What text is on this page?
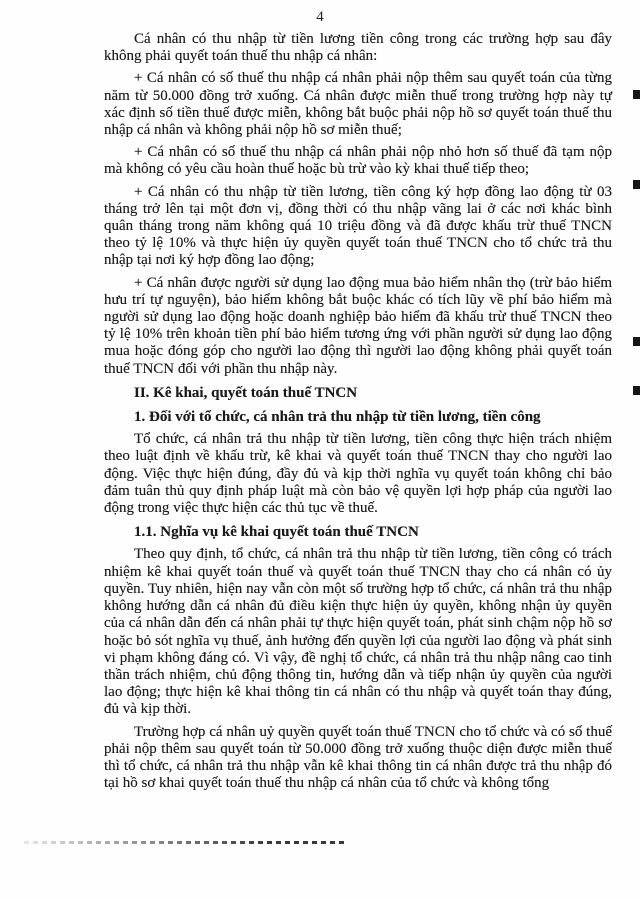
4

Cá nhân có thu nhập từ tiền lương tiền công trong các trường hợp sau đây không phải quyết toán thuế thu nhập cá nhân:

+ Cá nhân có số thuế thu nhập cá nhân phải nộp thêm sau quyết toán của từng năm từ 50.000 đồng trở xuống. Cá nhân được miễn thuế trong trường hợp này tự xác định số tiền thuế được miễn, không bắt buộc phải nộp hồ sơ quyết toán thuế thu nhập cá nhân và không phải nộp hồ sơ miễn thuế;

+ Cá nhân có số thuế thu nhập cá nhân phải nộp nhỏ hơn số thuế đã tạm nộp mà không có yêu cầu hoàn thuế hoặc bù trừ vào kỳ khai thuế tiếp theo;

+ Cá nhân có thu nhập từ tiền lương, tiền công ký hợp đồng lao động từ 03 tháng trở lên tại một đơn vị, đồng thời có thu nhập vãng lai ở các nơi khác bình quân tháng trong năm không quá 10 triệu đồng và đã được khấu trừ thuế TNCN theo tỷ lệ 10% và thực hiện ủy quyền quyết toán thuế TNCN cho tổ chức trả thu nhập tại nơi ký hợp đồng lao động;

+ Cá nhân được người sử dụng lao động mua bảo hiểm nhân thọ (trừ bảo hiểm hưu trí tự nguyện), bảo hiểm không bắt buộc khác có tích lũy về phí bảo hiểm mà người sử dụng lao động hoặc doanh nghiệp bảo hiểm đã khấu trừ thuế TNCN theo tỷ lệ 10% trên khoản tiền phí bảo hiểm tương ứng với phần người sử dụng lao động mua hoặc đóng góp cho người lao động thì người lao động không phải quyết toán thuế TNCN đối với phần thu nhập này.

II. Kê khai, quyết toán thuế TNCN

1. Đối với tổ chức, cá nhân trả thu nhập từ tiền lương, tiền công

Tổ chức, cá nhân trả thu nhập từ tiền lương, tiền công thực hiện trách nhiệm theo luật định về khấu trừ, kê khai và quyết toán thuế TNCN thay cho người lao động. Việc thực hiện đúng, đầy đủ và kịp thời nghĩa vụ quyết toán không chỉ bảo đảm tuân thủ quy định pháp luật mà còn bảo vệ quyền lợi hợp pháp của người lao động trong việc thực hiện các thủ tục về thuế.

1.1. Nghĩa vụ kê khai quyết toán thuế TNCN

Theo quy định, tổ chức, cá nhân trả thu nhập từ tiền lương, tiền công có trách nhiệm kê khai quyết toán thuế và quyết toán thuế TNCN thay cho cá nhân có ủy quyền. Tuy nhiên, hiện nay vẫn còn một số trường hợp tổ chức, cá nhân trả thu nhập không hướng dẫn cá nhân đủ điều kiện thực hiện ủy quyền, không nhận ủy quyền của cá nhân dẫn đến cá nhân phải tự thực hiện quyết toán, phát sinh chậm nộp hồ sơ hoặc bỏ sót nghĩa vụ thuế, ảnh hưởng đến quyền lợi của người lao động và phát sinh vi phạm không đáng có. Vì vậy, đề nghị tổ chức, cá nhân trả thu nhập nâng cao tinh thần trách nhiệm, chủ động thông tin, hướng dẫn và tiếp nhận ủy quyền của người lao động; thực hiện kê khai thông tin cá nhân có thu nhập và quyết toán thay đúng, đủ và kịp thời.

Trường hợp cá nhân uỷ quyền quyết toán thuế TNCN cho tổ chức và có số thuế phải nộp thêm sau quyết toán từ 50.000 đồng trở xuống thuộc diện được miễn thuế thì tổ chức, cá nhân trả thu nhập vẫn kê khai thông tin cá nhân được trả thu nhập đó tại hồ sơ khai quyết toán thuế thu nhập cá nhân của tổ chức và không tổng
